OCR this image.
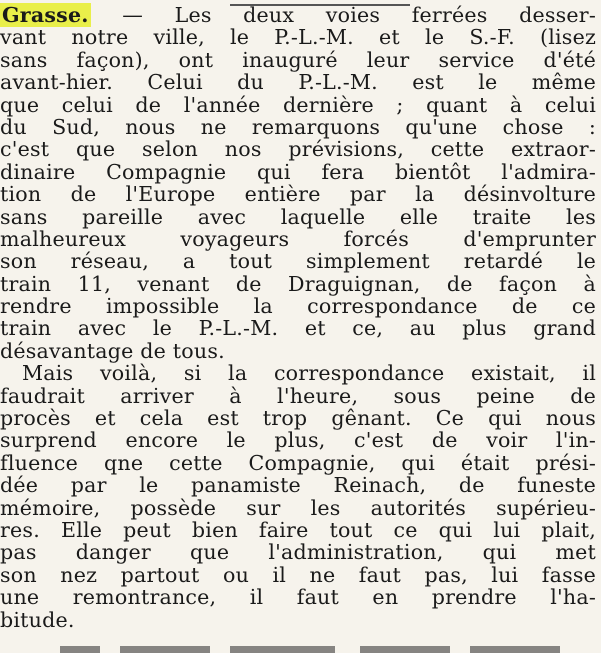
Grasse. — Les deux voies ferrées desser-
vant notre ville, le P.-L.-M. et le S.-F. (lisez
sans façon), ont inauguré leur service d'été
avant-hier. Celui du P.-L.-M. est le même
que celui de l'année dernière ; quant à celui
du Sud, nous ne remarquons qu'une chose :
c'est que selon nos prévisions, cette extraor-
dinaire Compagnie qui fera bientôt l'admira-
tion de l'Europe entière par la désinvolture
sans pareille avec laquelle elle traite les
malheureux voyageurs forcés d'emprunter
son réseau, a tout simplement retardé le
train 11, venant de Draguignan, de façon à
rendre impossible la correspondance de ce
train avec le P.-L.-M. et ce, au plus grand
désavantage de tous.
Mais voilà, si la correspondance existait, il
faudrait arriver à l'heure, sous peine de
procès et cela est trop gênant. Ce qui nous
surprend encore le plus, c'est de voir l'in-
fluence qne cette Compagnie, qui était prési-
dée par le panamiste Reinach, de funeste
mémoire, possède sur les autorités supérieu-
res. Elle peut bien faire tout ce qui lui plait,
pas danger que l'administration, qui met
son nez partout ou il ne faut pas, lui fasse
une remontrance, il faut en prendre l'ha-
bitude.
